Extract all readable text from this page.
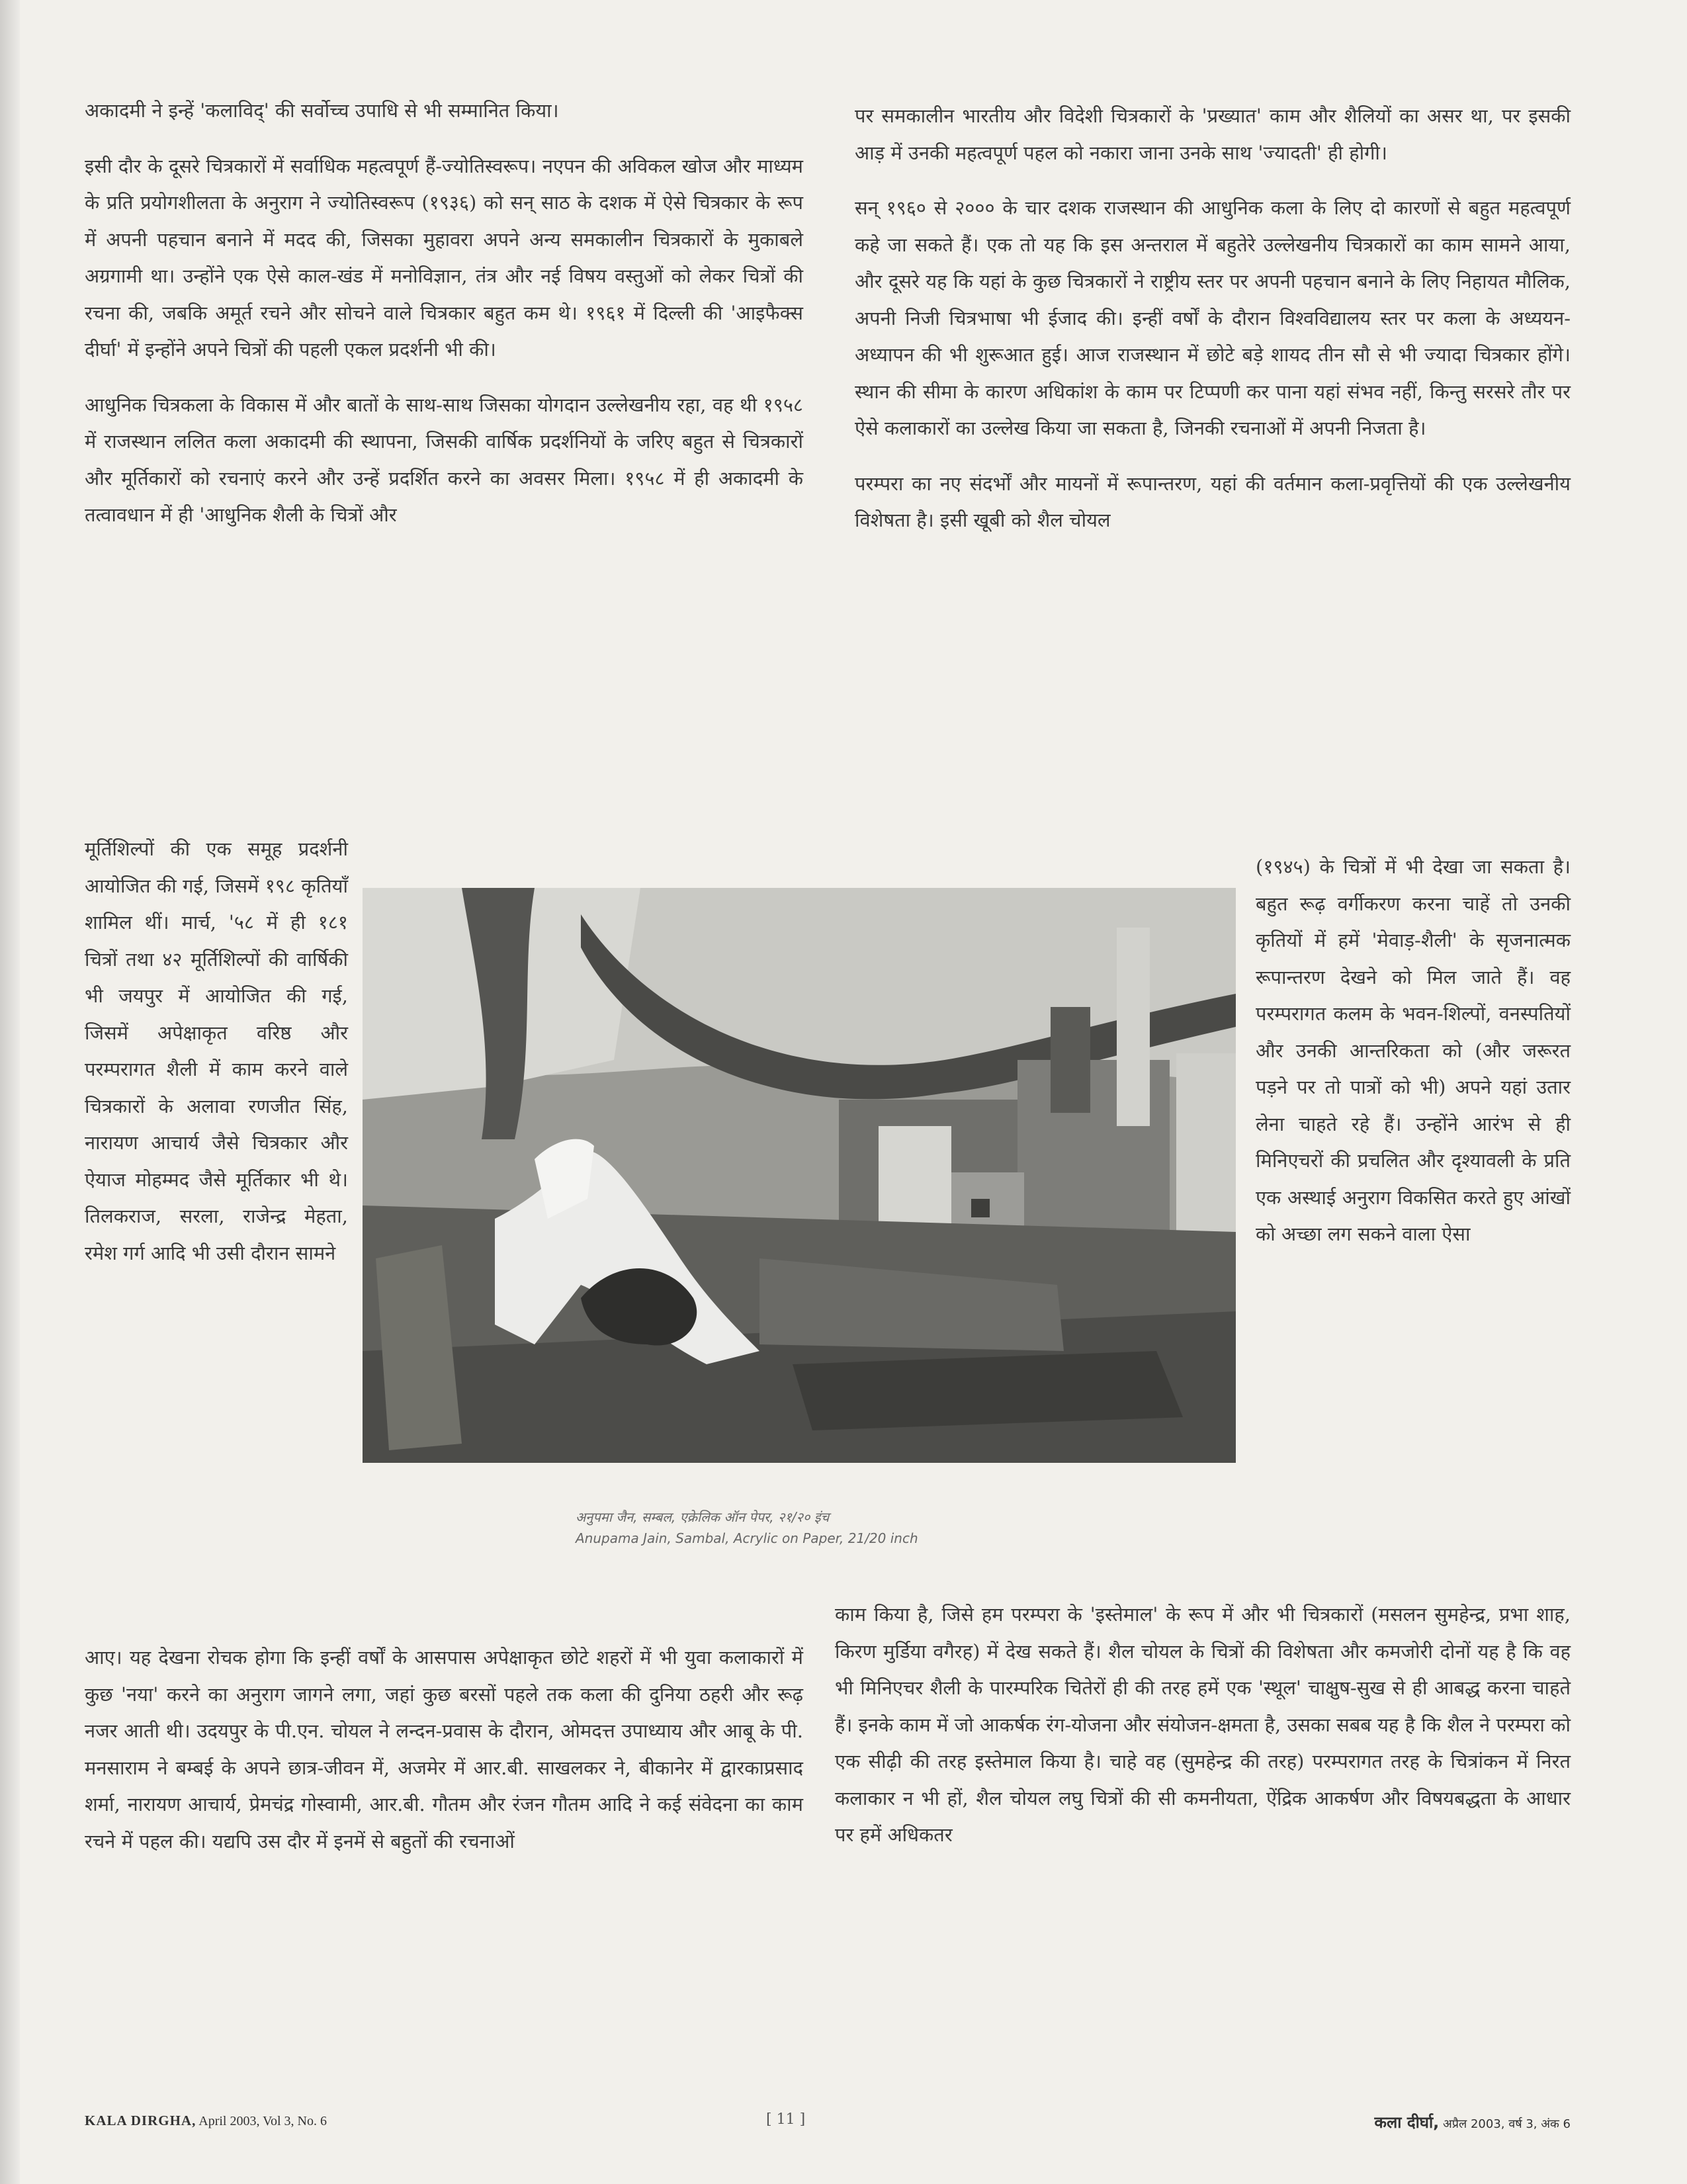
अकादमी ने इन्हें 'कलाविद्' की सर्वोच्च उपाधि से भी सम्मानित किया।

इसी दौर के दूसरे चित्रकारों में सर्वाधिक महत्वपूर्ण हैं-ज्योतिस्वरूप। नएपन की अविकल खोज और माध्यम के प्रति प्रयोगशीलता के अनुराग ने ज्योतिस्वरूप (१९३६) को सन् साठ के दशक में ऐसे चित्रकार के रूप में अपनी पहचान बनाने में मदद की, जिसका मुहावरा अपने अन्य समकालीन चित्रकारों के मुकाबले अग्रगामी था। उन्होंने एक ऐसे काल-खंड में मनोविज्ञान, तंत्र और नई विषय वस्तुओं को लेकर चित्रों की रचना की, जबकि अमूर्त रचने और सोचने वाले चित्रकार बहुत कम थे। १९६१ में दिल्ली की 'आइफैक्स दीर्घा' में इन्होंने अपने चित्रों की पहली एकल प्रदर्शनी भी की।

आधुनिक चित्रकला के विकास में और बातों के साथ-साथ जिसका योगदान उल्लेखनीय रहा, वह थी १९५८ में राजस्थान ललित कला अकादमी की स्थापना, जिसकी वार्षिक प्रदर्शनियों के जरिए बहुत से चित्रकारों और मूर्तिकारों को रचनाएं करने और उन्हें प्रदर्शित करने का अवसर मिला। १९५८ में ही अकादमी के तत्वावधान में ही 'आधुनिक शैली के चित्रों और

मूर्तिशिल्पों की एक समूह प्रदर्शनी आयोजित की गई, जिसमें १९८ कृतियाँ शामिल थीं। मार्च, '५८ में ही १८१ चित्रों तथा ४२ मूर्तिशिल्पों की वार्षिकी भी जयपुर में आयोजित की गई, जिसमें अपेक्षाकृत वरिष्ठ और परम्परागत शैली में काम करने वाले चित्रकारों के अलावा रणजीत सिंह, नारायण आचार्य जैसे चित्रकार और ऐयाज मोहम्मद जैसे मूर्तिकार भी थे। तिलकराज, सरला, राजेन्द्र मेहता, रमेश गर्ग आदि भी उसी दौरान सामने

आए। यह देखना रोचक होगा कि इन्हीं वर्षों के आसपास अपेक्षाकृत छोटे शहरों में भी युवा कलाकारों में कुछ 'नया' करने का अनुराग जागने लगा, जहां कुछ बरसों पहले तक कला की दुनिया ठहरी और रूढ़ नजर आती थी। उदयपुर के पी.एन. चोयल ने लन्दन-प्रवास के दौरान, ओमदत्त उपाध्याय और आबू के पी. मनसाराम ने बम्बई के अपने छात्र-जीवन में, अजमेर में आर.बी. साखलकर ने, बीकानेर में द्वारकाप्रसाद शर्मा, नारायण आचार्य, प्रेमचंद्र गोस्वामी, आर.बी. गौतम और रंजन गौतम आदि ने कई संवेदना का काम रचने में पहल की। यद्यपि उस दौर में इनमें से बहुतों की रचनाओं

पर समकालीन भारतीय और विदेशी चित्रकारों के 'प्रख्यात' काम और शैलियों का असर था, पर इसकी आड़ में उनकी महत्वपूर्ण पहल को नकारा जाना उनके साथ 'ज्यादती' ही होगी।

सन् १९६० से २००० के चार दशक राजस्थान की आधुनिक कला के लिए दो कारणों से बहुत महत्वपूर्ण कहे जा सकते हैं। एक तो यह कि इस अन्तराल में बहुतेरे उल्लेखनीय चित्रकारों का काम सामने आया, और दूसरे यह कि यहां के कुछ चित्रकारों ने राष्ट्रीय स्तर पर अपनी पहचान बनाने के लिए निहायत मौलिक, अपनी निजी चित्रभाषा भी ईजाद की। इन्हीं वर्षों के दौरान विश्वविद्यालय स्तर पर कला के अध्ययन-अध्यापन की भी शुरूआत हुई। आज राजस्थान में छोटे बड़े शायद तीन सौ से भी ज्यादा चित्रकार होंगे। स्थान की सीमा के कारण अधिकांश के काम पर टिप्पणी कर पाना यहां संभव नहीं, किन्तु सरसरे तौर पर ऐसे कलाकारों का उल्लेख किया जा सकता है, जिनकी रचनाओं में अपनी निजता है।

परम्परा का नए संदर्भों और मायनों में रूपान्तरण, यहां की वर्तमान कला-प्रवृत्तियों की एक उल्लेखनीय विशेषता है। इसी खूबी को शैल चोयल

(१९४५) के चित्रों में भी देखा जा सकता है। बहुत रूढ़ वर्गीकरण करना चाहें तो उनकी कृतियों में हमें 'मेवाड़-शैली' के सृजनात्मक रूपान्तरण देखने को मिल जाते हैं। वह परम्परागत कलम के भवन-शिल्पों, वनस्पतियों और उनकी आन्तरिकता को (और जरूरत पड़ने पर तो पात्रों को भी) अपने यहां उतार लेना चाहते रहे हैं। उन्होंने आरंभ से ही मिनिएचरों की प्रचलित और दृश्यावली के प्रति एक अस्थाई अनुराग विकसित करते हुए आंखों को अच्छा लग सकने वाला ऐसा

काम किया है, जिसे हम परम्परा के 'इस्तेमाल' के रूप में और भी चित्रकारों (मसलन सुमहेन्द्र, प्रभा शाह, किरण मुर्डिया वगैरह) में देख सकते हैं। शैल चोयल के चित्रों की विशेषता और कमजोरी दोनों यह है कि वह भी मिनिएचर शैली के पारम्परिक चितेरों ही की तरह हमें एक 'स्थूल' चाक्षुष-सुख से ही आबद्ध करना चाहते हैं। इनके काम में जो आकर्षक रंग-योजना और संयोजन-क्षमता है, उसका सबब यह है कि शैल ने परम्परा को एक सीढ़ी की तरह इस्तेमाल किया है। चाहे वह (सुमहेन्द्र की तरह) परम्परागत तरह के चित्रांकन में निरत कलाकार न भी हों, शैल चोयल लघु चित्रों की सी कमनीयता, ऐंद्रिक आकर्षण और विषयबद्धता के आधार पर हमें अधिकतर

अनुपमा जैन, सम्बल, एक्रेलिक ऑन पेपर, २१/२० इंच
Anupama Jain, Sambal, Acrylic on Paper, 21/20 inch
KALA DIRGHA, April 2003, Vol 3, No. 6	[ 11 ]	कला दीर्घा, अप्रैल 2003, वर्ष 3, अंक 6
